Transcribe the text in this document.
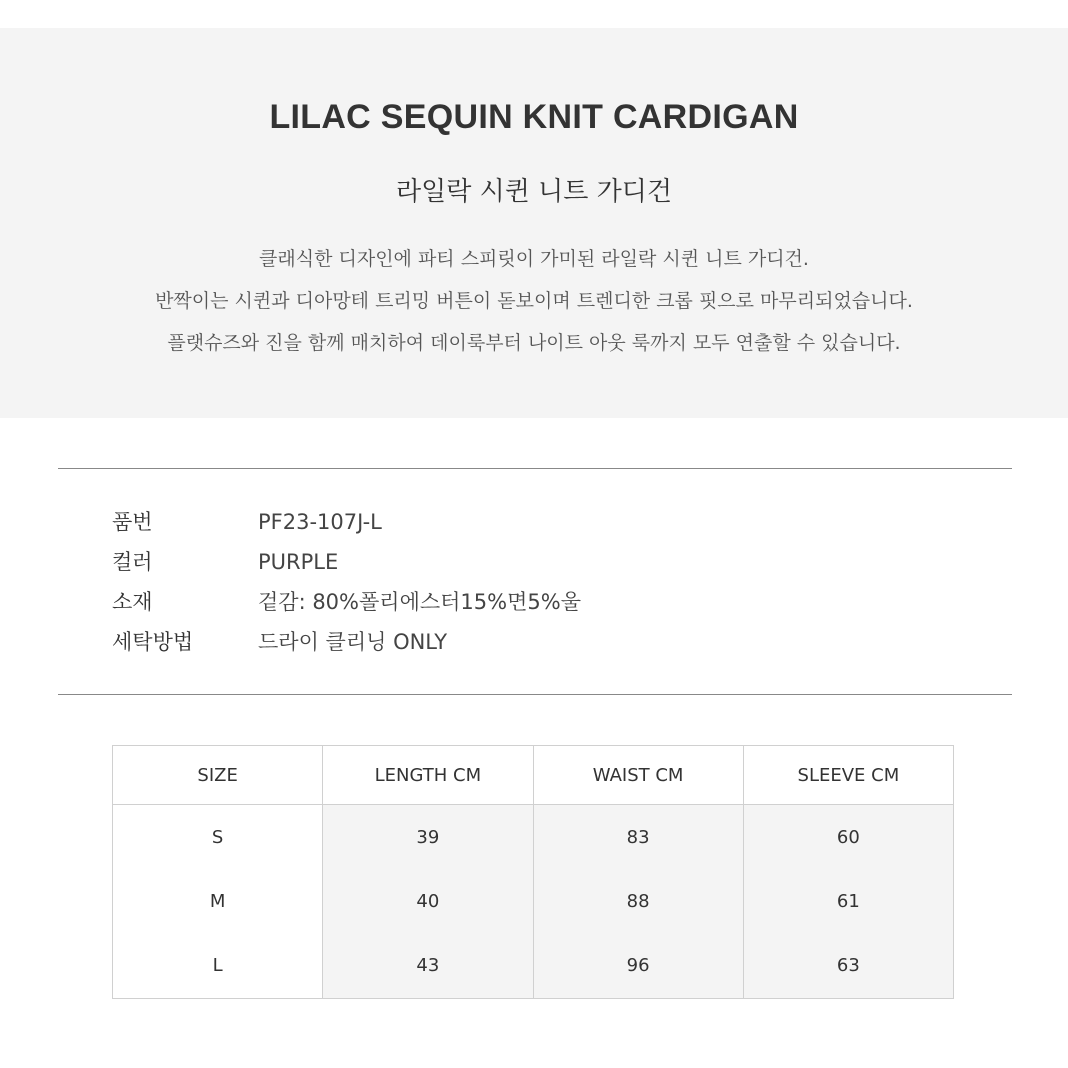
LILAC SEQUIN KNIT CARDIGAN
라일락 시퀸 니트 가디건
클래식한 디자인에 파티 스피릿이 가미된 라일락 시퀸 니트 가디건.
반짝이는 시퀸과 디아망테 트리밍 버튼이 돋보이며 트렌디한 크롭 핏으로 마무리되었습니다.
플랫슈즈와 진을 함께 매치하여 데이룩부터 나이트 아웃 룩까지 모두 연출할 수 있습니다.
품번	PF23-107J-L
컬러	PURPLE
소재	겉감: 80%폴리에스터15%면5%울
세탁방법	드라이 클리닝 ONLY
SIZE	LENGTH CM	WAIST CM	SLEEVE CM
S	39	83	60
M	40	88	61
L	43	96	63
